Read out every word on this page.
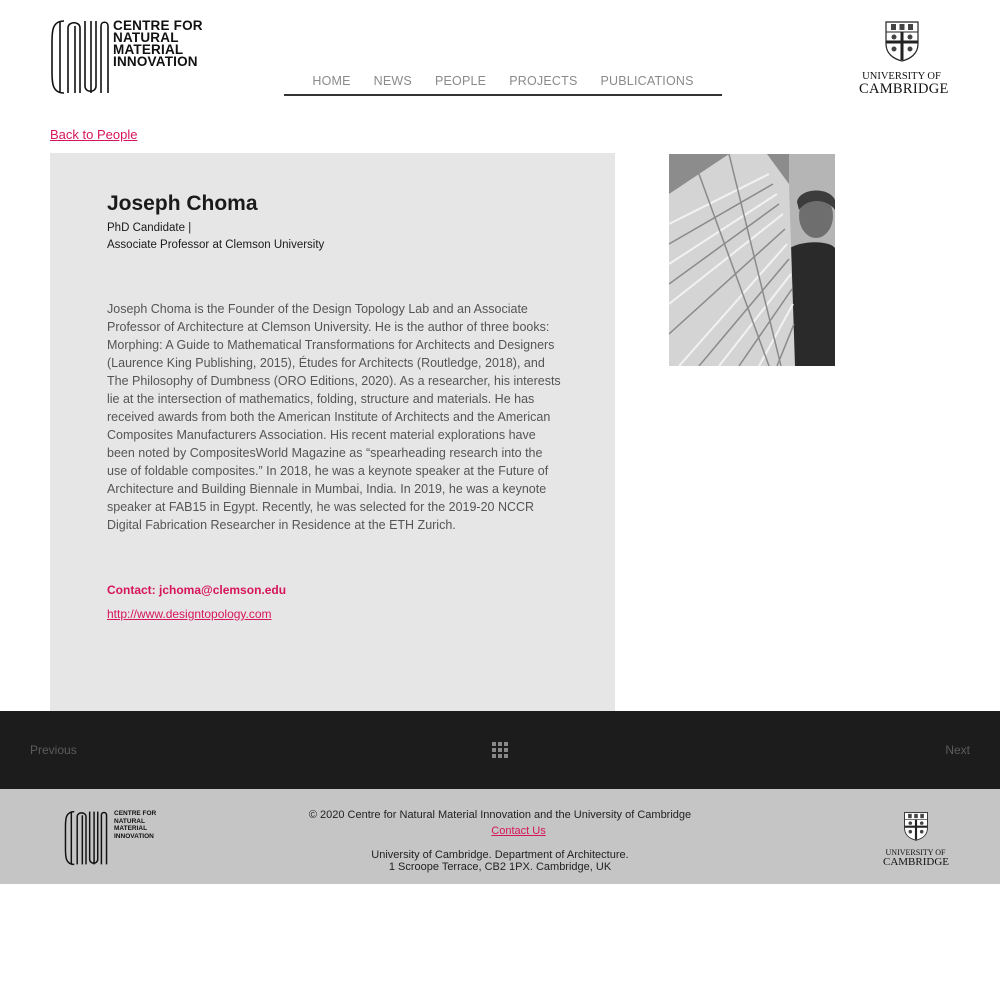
CENTRE FOR
NATURAL
MATERIAL
INNOVATION
HOME NEWS PEOPLE PROJECTS PUBLICATIONS	UNIVERSITY OF
CAMBRIDGE
Back to People
Joseph Choma
PhD Candidate |
Associate Professor at Clemson University
Joseph Choma is the Founder of the Design Topology Lab and an Associate Professor of Architecture at Clemson University. He is the author of three books: Morphing: A Guide to Mathematical Transformations for Architects and Designers (Laurence King Publishing, 2015), Études for Architects (Routledge, 2018), and The Philosophy of Dumbness (ORO Editions, 2020). As a researcher, his interests lie at the intersection of mathematics, folding, structure and materials. He has received awards from both the American Institute of Architects and the American Composites Manufacturers Association. His recent material explorations have been noted by CompositesWorld Magazine as “spearheading research into the use of foldable composites.” In 2018, he was a keynote speaker at the Future of Architecture and Building Biennale in Mumbai, India. In 2019, he was a keynote speaker at FAB15 in Egypt. Recently, he was selected for the 2019-20 NCCR Digital Fabrication Researcher in Residence at the ETH Zurich.
Contact: jchoma@clemson.edu
http://www.designtopology.com
Previous	Next
CENTRE FOR
NATURAL
MATERIAL
INNOVATION
© 2020 Centre for Natural Material Innovation and the University of Cambridge
Contact Us
University of Cambridge. Department of Architecture.
1 Scroope Terrace, CB2 1PX. Cambridge, UK
UNIVERSITY OF
CAMBRIDGE
